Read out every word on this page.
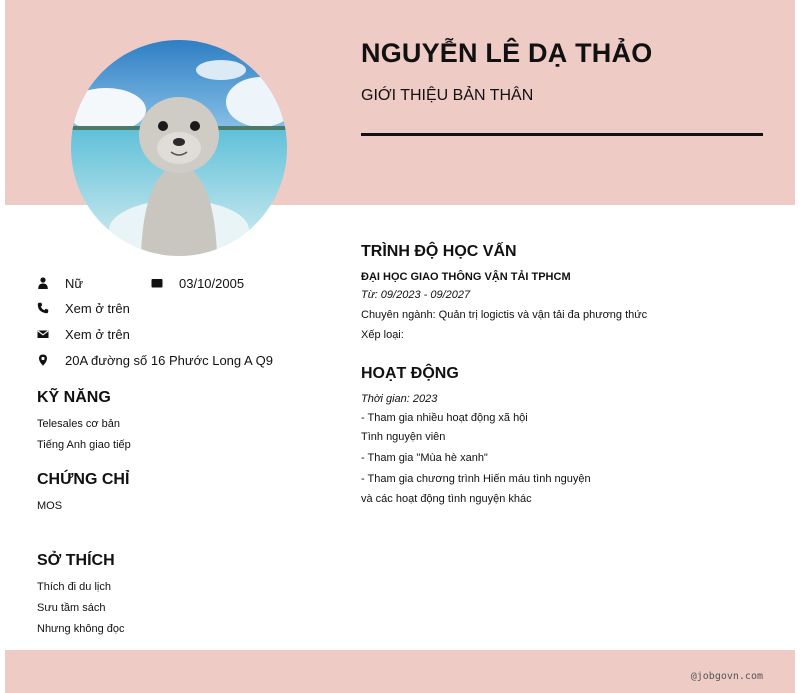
NGUYỄN LÊ DẠ THẢO
GIỚI THIỆU BẢN THÂN
Nữ	03/10/2005
Xem ở trên
Xem ở trên
20A đường số 16 Phước Long A Q9
KỸ NĂNG
Telesales cơ bản
Tiếng Anh giao tiếp
CHỨNG CHỈ
MOS
SỞ THÍCH
Thích đi du lịch
Sưu tầm sách
Nhưng không đọc
TRÌNH ĐỘ HỌC VẤN
ĐẠI HỌC GIAO THÔNG VẬN TẢI TPHCM
Từ: 09/2023 - 09/2027
Chuyên ngành: Quản trị logictis và vận tải đa phương thức
Xếp loại:
HOẠT ĐỘNG
Thời gian: 2023
- Tham gia nhiều hoạt động xã hội
Tình nguyện viên
- Tham gia "Mùa hè xanh"
- Tham gia chương trình Hiến máu tình nguyện
và các hoạt động tình nguyện khác
@jobgovn.com
